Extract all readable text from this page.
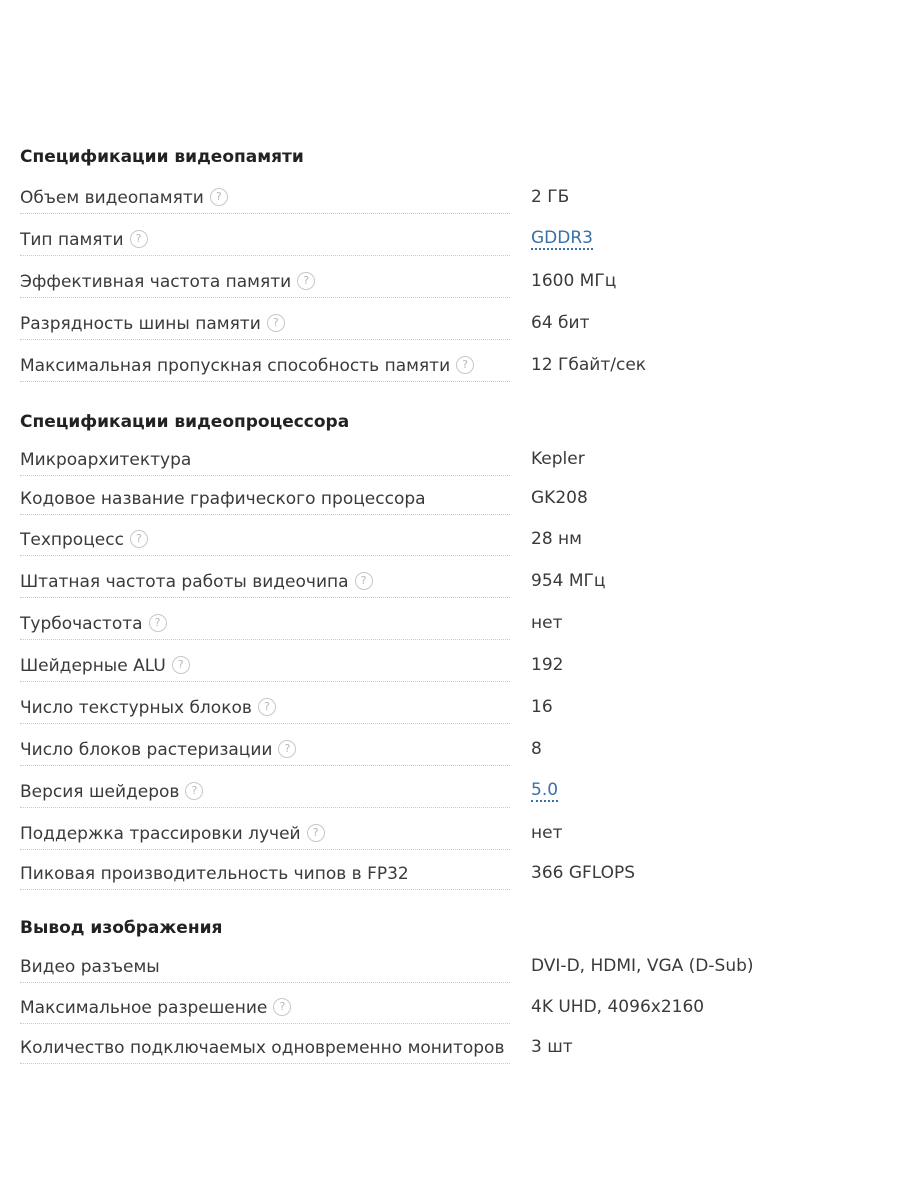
Спецификации видеопамяти
Объем видеопамяти ?	2 ГБ
Тип памяти ?	GDDR3
Эффективная частота памяти ?	1600 МГц
Разрядность шины памяти ?	64 бит
Максимальная пропускная способность памяти ?	12 Гбайт/сек
Спецификации видеопроцессора
Микроархитектура	Kepler
Кодовое название графического процессора	GK208
Техпроцесс ?	28 нм
Штатная частота работы видеочипа ?	954 МГц
Турбочастота ?	нет
Шейдерные ALU ?	192
Число текстурных блоков ?	16
Число блоков растеризации ?	8
Версия шейдеров ?	5.0
Поддержка трассировки лучей ?	нет
Пиковая производительность чипов в FP32	366 GFLOPS
Вывод изображения
Видео разъемы	DVI-D, HDMI, VGA (D-Sub)
Максимальное разрешение ?	4K UHD, 4096x2160
Количество подключаемых одновременно мониторов	3 шт
